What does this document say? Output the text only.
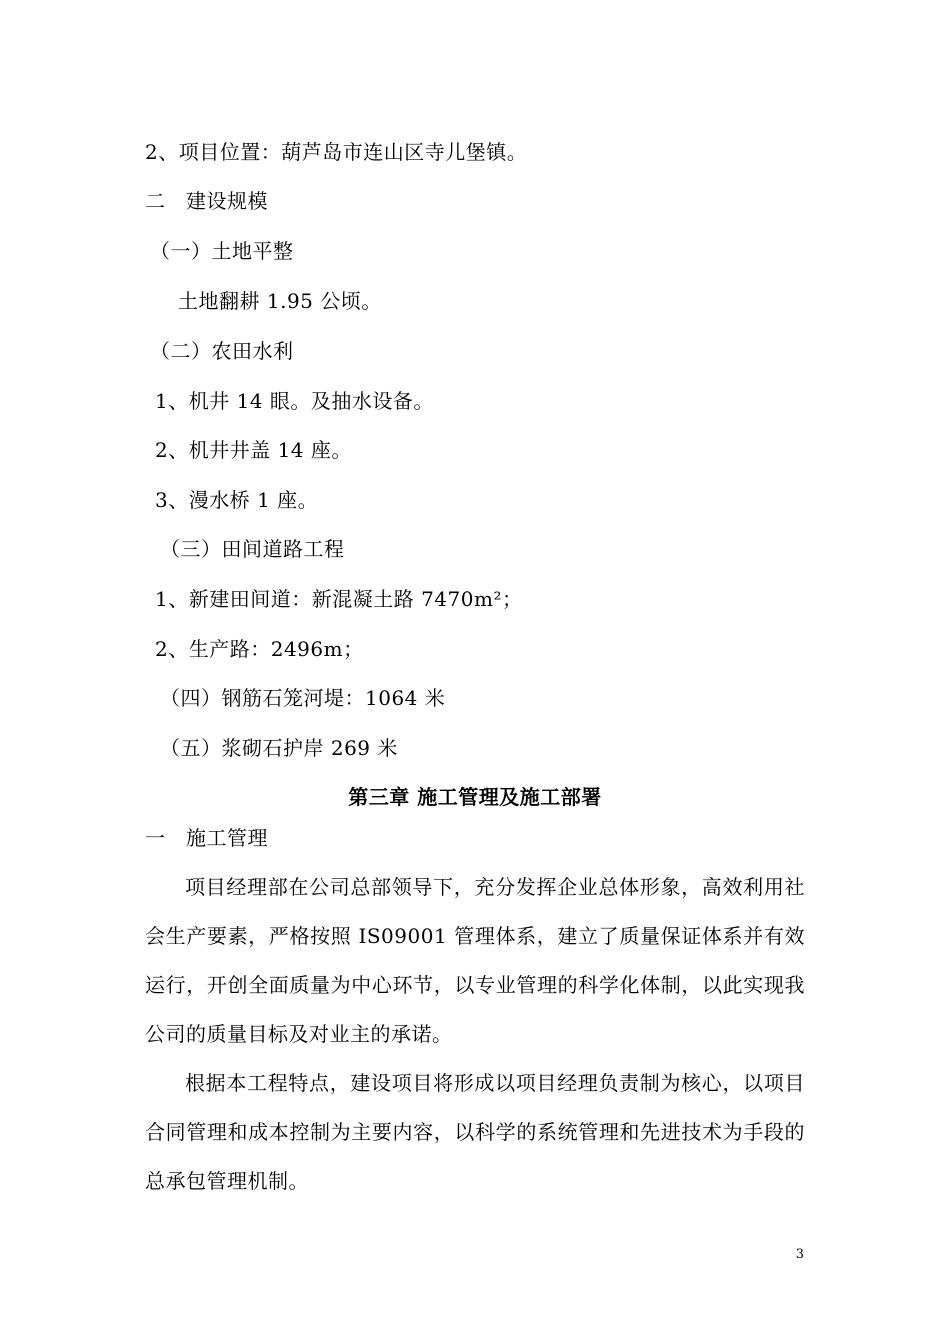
2、项目位置：葫芦岛市连山区寺儿堡镇。
二　建设规模
（一）土地平整
土地翻耕 1.95 公顷。
（二）农田水利
1、机井 14 眼。及抽水设备。
2、机井井盖 14 座。
3、漫水桥 1 座。
（三）田间道路工程
1、新建田间道：新混凝土路 7470m²；
2、生产路：2496m；
（四）钢筋石笼河堤：1064 米
（五）浆砌石护岸 269 米
第三章 施工管理及施工部署
一　施工管理
项目经理部在公司总部领导下，充分发挥企业总体形象，高效利用社会生产要素，严格按照 IS09001 管理体系，建立了质量保证体系并有效运行，开创全面质量为中心环节，以专业管理的科学化体制，以此实现我公司的质量目标及对业主的承诺。
根据本工程特点，建设项目将形成以项目经理负责制为核心，以项目合同管理和成本控制为主要内容，以科学的系统管理和先进技术为手段的总承包管理机制。
3
